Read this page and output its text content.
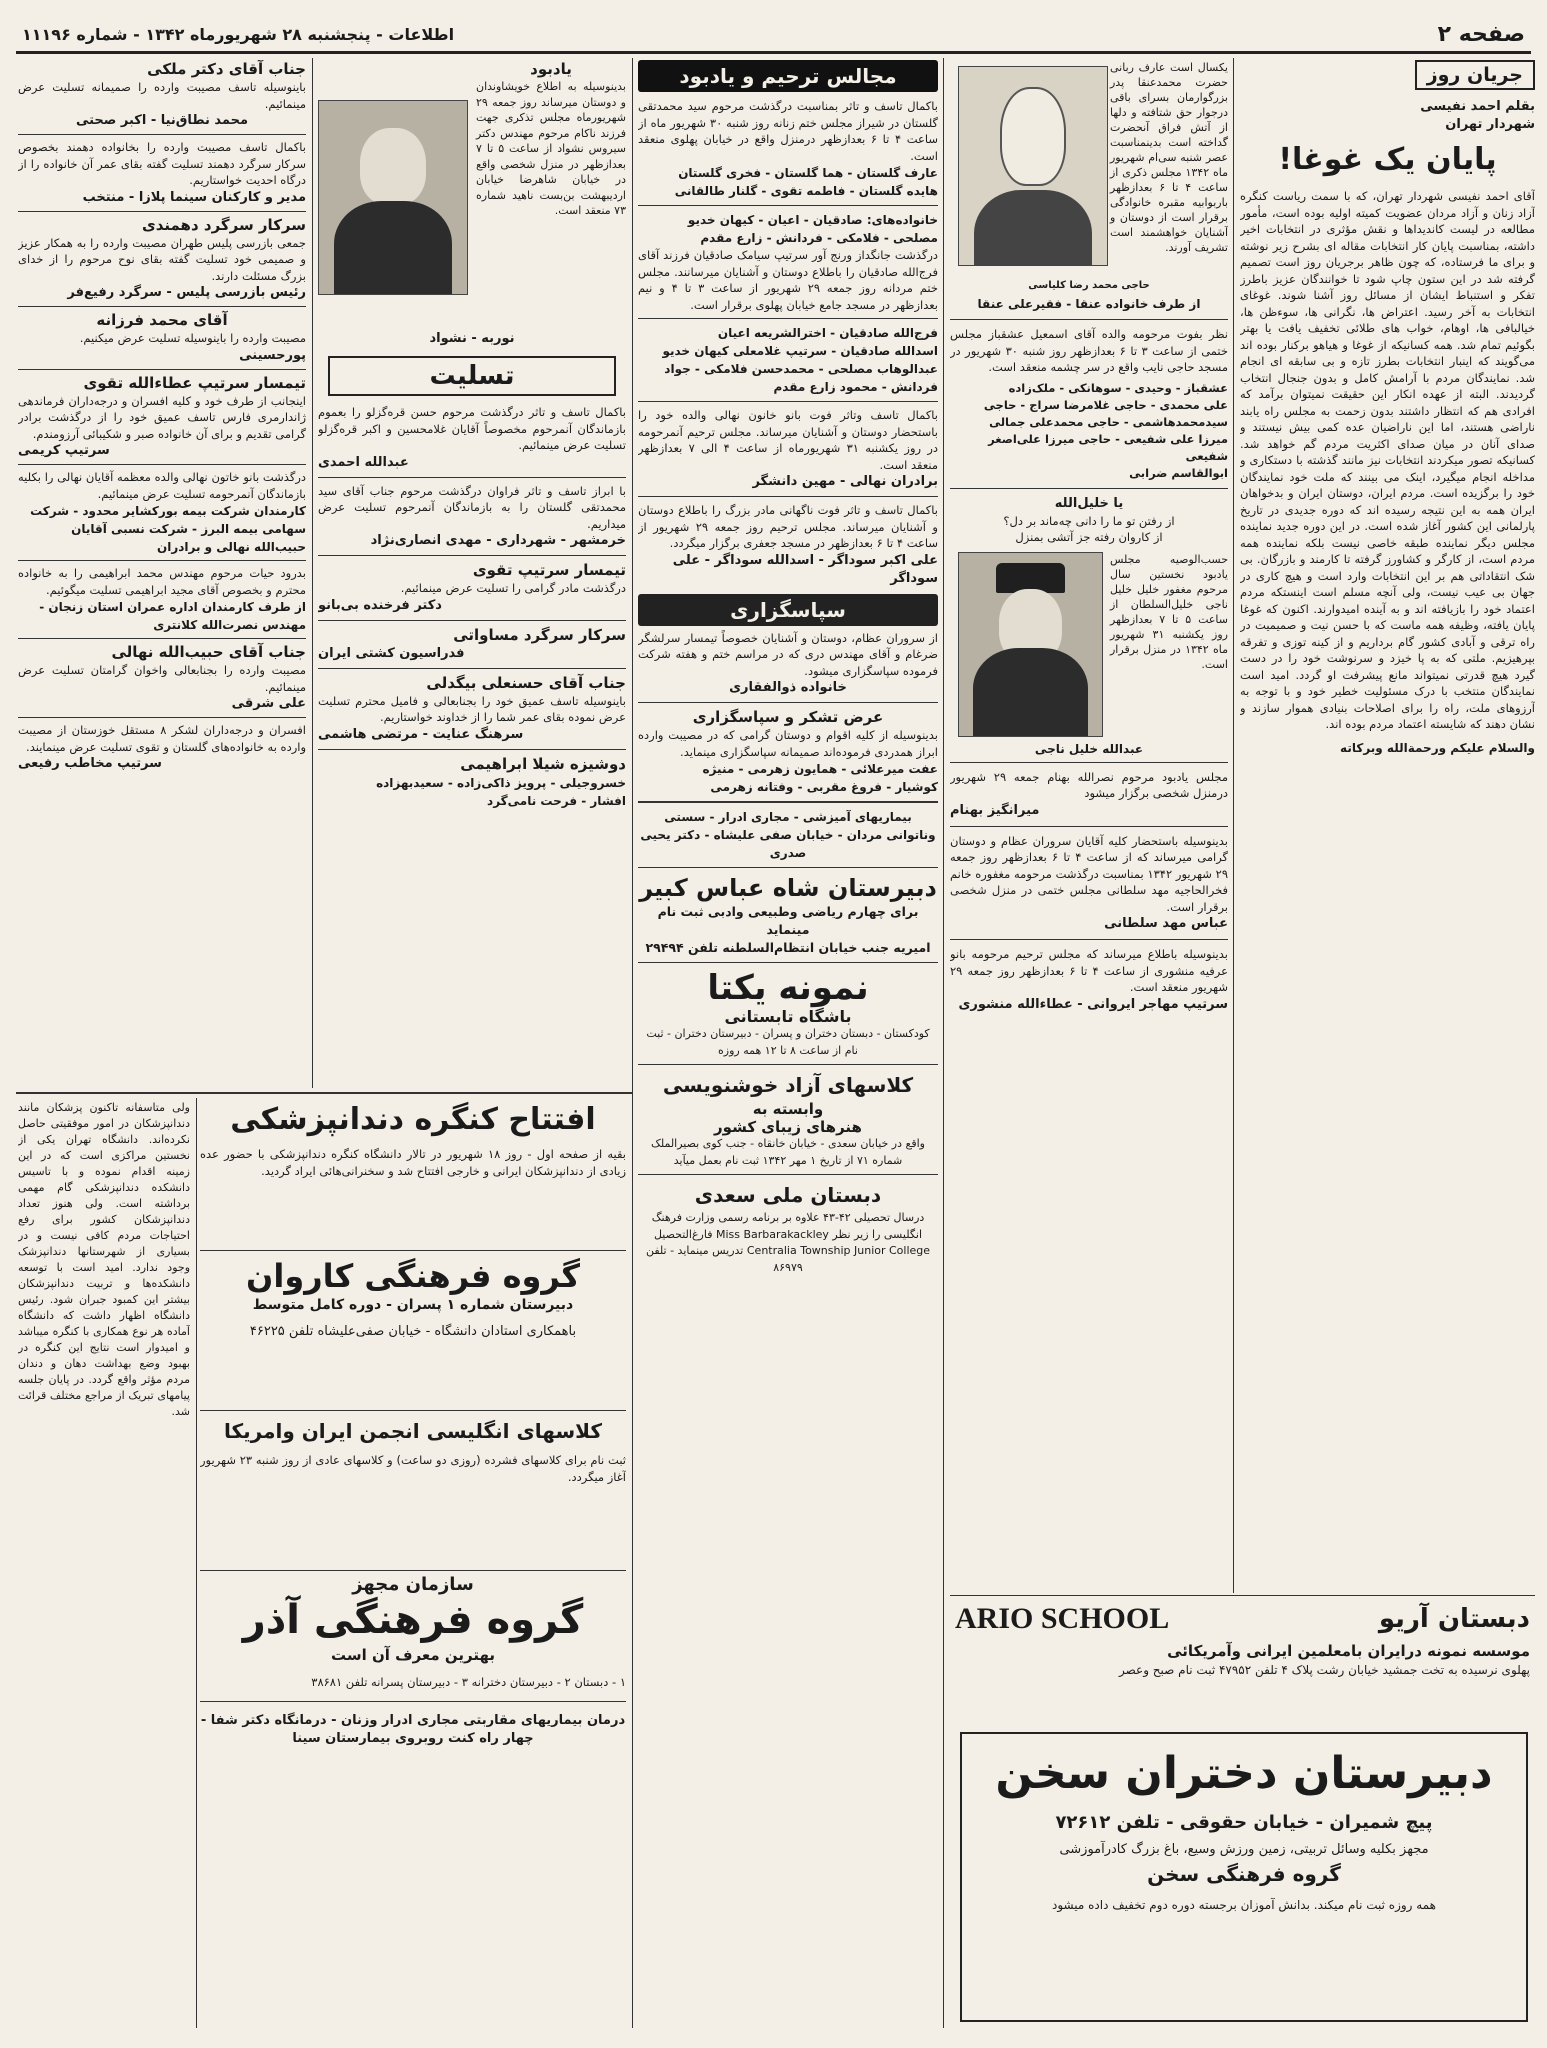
صفحه ۲
اطلاعات - پنجشنبه ۲۸ شهریورماه ۱۳۴۲ - شماره ۱۱۱۹۶
جریان روز
بقلم احمد نفیسی
شهردار تهران
پایان یک غوغا!
آقای احمد نفیسی شهردار تهران، که با سمت ریاست کنگره آزاد زنان و آزاد مردان عضویت کمیته اولیه بوده است، مأمور مطالعه در لیست کاندیداها و نقش مؤثری در انتخابات اخیر داشته، بمناسبت پایان کار انتخابات مقاله ای بشرح زیر نوشته و برای ما فرستاده، که چون ظاهر برجریان روز است تصمیم گرفته شد در این ستون چاپ شود تا خوانندگان عزیز باطرز تفکر و استنباط ایشان از مسائل روز آشنا شوند. غوغای انتخابات به آخر رسید. اعتراض ها، نگرانی ها، سوءظن ها، خیالبافی ها، اوهام، خواب های طلائی تخفیف یافت یا بهتر بگوئیم تمام شد. همه کسانیکه از غوغا و هیاهو برکنار بوده اند می‌گویند که اینبار انتخابات بطرز تازه و بی سابقه ای انجام شد. نمایندگان مردم با آرامش کامل و بدون جنجال انتخاب گردیدند. البته از عهده انکار این حقیقت نمیتوان برآمد که افرادی هم که انتظار داشتند بدون زحمت به مجلس راه یابند ناراضی هستند، اما این ناراضیان عده کمی بیش نیستند و صدای آنان در میان صدای اکثریت مردم گم خواهد شد. کسانیکه تصور میکردند انتخابات نیز مانند گذشته با دستکاری و مداخله انجام میگیرد، اینک می بینند که ملت خود نمایندگان خود را برگزیده است. مردم ایران، دوستان ایران و بدخواهان ایران همه به این نتیجه رسیده اند که دوره جدیدی در تاریخ پارلمانی این کشور آغاز شده است. در این دوره جدید نماینده مجلس دیگر نماینده طبقه خاصی نیست بلکه نماینده همه مردم است، از کارگر و کشاورز گرفته تا کارمند و بازرگان. بی شک انتقاداتی هم بر این انتخابات وارد است و هیچ کاری در جهان بی عیب نیست، ولی آنچه مسلم است اینستکه مردم اعتماد خود را بازیافته اند و به آینده امیدوارند. اکنون که غوغا پایان یافته، وظیفه همه ماست که با حسن نیت و صمیمیت در راه ترقی و آبادی کشور گام برداریم و از کینه توزی و تفرقه بپرهیزیم. ملتی که به پا خیزد و سرنوشت خود را در دست گیرد هیچ قدرتی نمیتواند مانع پیشرفت او گردد. امید است نمایندگان منتخب با درک مسئولیت خطیر خود و با توجه به آرزوهای ملت، راه را برای اصلاحات بنیادی هموار سازند و نشان دهند که شایسته اعتماد مردم بوده اند.
والسلام علیکم ورحمةالله وبرکاته
یکسال است عارف ربانی حضرت محمدعنقا پدر بزرگوارمان بسرای باقی درجوار حق شتافته و دلها از آتش فراق آنحضرت گداخته است بدینمناسبت عصر شنبه سی‌ام شهریور ماه ۱۳۴۲ مجلس ذکری از ساعت ۴ تا ۶ بعدازظهر باربوابیه مقبره خانوادگی برقرار است از دوستان و آشنایان خواهشمند است تشریف آورند.
حاجی محمد رضا کلیاسی
از طرف خانواده عنقا - فقیرعلی عنقا
نظر بفوت مرحومه والده آقای اسمعیل عشقباز مجلس ختمی از ساعت ۳ تا ۶ بعدازظهر روز شنبه ۳۰ شهریور در مسجد حاجی نایب واقع در سر چشمه منعقد است.
عشقباز - وحیدی - سوهانکی - ملک‌زاده
علی محمدی - حاجی غلامرضا سراج - حاجی سیدمحمدهاشمی - حاجی محمدعلی جمالی
میرزا علی شفیعی - حاجی میرزا علی‌اصغر شفیعی
ابوالقاسم ضرابی
یا خلیل‌الله
از رفتن تو ما را دانی چه‌ماند بر دل؟
از کاروان رفته جز آتشی بمنزل
حسب‌الوصیه مجلس یادبود نخستین سال مرحوم مغفور خلیل خلیل ناجی خلیل‌السلطان از ساعت ۵ تا ۷ بعدازظهر روز یکشنبه ۳۱ شهریور ماه ۱۳۴۲ در منزل برقرار است.
عبدالله خلیل ناجی
مجلس یادبود مرحوم نصرالله بهنام جمعه ۲۹ شهریور درمنزل شخصی برگزار میشود
میرانگیز بهنام
بدینوسیله باستحضار کلیه آقایان سروران عظام و دوستان گرامی میرساند که از ساعت ۴ تا ۶ بعدازظهر روز جمعه ۲۹ شهریور ۱۳۴۲ بمناسبت درگذشت مرحومه مغفوره خانم فخرالحاجیه مهد سلطانی مجلس ختمی در منزل شخصی برقرار است.
عباس مهد سلطانی
بدینوسیله باطلاع میرساند که مجلس ترحیم مرحومه بانو عرفیه منشوری از ساعت ۴ تا ۶ بعدازظهر روز جمعه ۲۹ شهریور منعقد است.
سرتیپ مهاجر ایروانی - عطاءالله منشوری
دبستان آریو
ARIO SCHOOL
موسسه نمونه درایران بامعلمین ایرانی وآمریکائی
پهلوی نرسیده به تخت جمشید خیابان رشت پلاک ۴ تلفن ۴۷۹۵۲ ثبت نام صبح وعصر
دبیرستان دختران سخن
پیچ شمیران - خیابان حقوقی - تلفن ۷۲۶۱۲
مجهز بکلیه وسائل تربیتی، زمین ورزش وسیع، باغ بزرگ کادرآموزشی
گروه فرهنگی سخن
همه روزه ثبت نام میکند. بدانش آموزان برجسته دوره دوم تخفیف داده میشود
مجالس ترحیم و یادبود
باکمال تاسف و تاثر بمناسبت درگذشت مرحوم سید محمدتقی گلستان در شیراز مجلس ختم زنانه روز شنبه ۳۰ شهریور ماه از ساعت ۴ تا ۶ بعدازظهر درمنزل واقع در خیابان پهلوی منعقد است.
عارف گلستان - هما گلستان - فخری گلستان
هایده گلستان - فاطمه تقوی - گلنار طالقانی
خانواده‌های: صادقیان - اعیان - کیهان خدیو
مصلحی - فلامکی - فردانش - زارع مقدم
درگذشت جانگداز ورنج آور سرتیپ سیامک صادقیان فرزند آقای فرج‌الله صادقیان را باطلاع دوستان و آشنایان میرسانند. مجلس ختم مردانه روز جمعه ۲۹ شهریور از ساعت ۳ تا ۴ و نیم بعدازظهر در مسجد جامع خیابان پهلوی برقرار است.
فرج‌الله صادقیان - اخترالشریعه اعیان
اسدالله صادقیان - سرتیپ غلامعلی کیهان خدیو
عبدالوهاب مصلحی - محمدحسن فلامکی - جواد فردانش - محمود زارع مقدم
باکمال تاسف وتاثر فوت بانو خانون نهالی والده خود را باستحضار دوستان و آشنایان میرساند. مجلس ترحیم آنمرحومه در روز یکشنبه ۳۱ شهریورماه از ساعت ۴ الی ۷ بعدازظهر منعقد است.
برادران نهالی - مهین دانشگر
باکمال تاسف و تاثر فوت ناگهانی مادر بزرگ را باطلاع دوستان و آشنایان میرساند. مجلس ترحیم روز جمعه ۲۹ شهریور از ساعت ۴ تا ۶ بعدازظهر در مسجد جعفری برگزار میگردد.
علی اکبر سوداگر - اسدالله سوداگر - علی سوداگر
سپاسگزاری
از سروران عظام، دوستان و آشنایان خصوصاً تیمسار سرلشگر ضرغام و آقای مهندس دری که در مراسم ختم و هفته شرکت فرموده سپاسگزاری میشود.
خانواده ذوالفقاری
عرض تشکر و سپاسگزاری
بدینوسیله از کلیه اقوام و دوستان گرامی که در مصیبت وارده ابراز همدردی فرموده‌اند صمیمانه سپاسگزاری مینماید.
عفت میرعلائی - همایون زهرمی - منیژه
کوشیار - فروغ مقربی - وفتانه زهرمی
بیماریهای آمیزشی - مجاری ادرار - سستی وناتوانی مردان - خیابان صفی علیشاه - دکتر یحیی صدری
دبیرستان شاه عباس کبیر
برای چهارم ریاضی وطبیعی وادبی ثبت نام مینماید
امیریه جنب خیابان انتظام‌السلطنه تلفن ۲۹۴۹۴
نمونه یکتا
باشگاه تابستانی
کودکستان - دبستان دختران و پسران - دبیرستان دختران - ثبت نام از ساعت ۸ تا ۱۲ همه روزه
کلاسهای آزاد خوشنویسی
وابسته به
هنرهای زیبای کشور
واقع در خیابان سعدی - خیابان خانقاه - جنب کوی بصیرالملک شماره ۷۱ از تاریخ ۱ مهر ۱۳۴۲ ثبت نام بعمل میآید
دبستان ملی سعدی
درسال تحصیلی ۴۲-۴۳ علاوه بر برنامه رسمی وزارت فرهنگ انگلیسی را زیر نظر Miss Barbarakackley فارغ‌التحصیل Centralia Township Junior College تدریس مینماید - تلفن ۸۶۹۷۹
یادبود
بدینوسیله به اطلاع خویشاوندان و دوستان میرساند روز جمعه ۲۹ شهریورماه مجلس تذکری جهت فرزند ناکام مرحوم مهندس دکتر سیروس نشواد از ساعت ۵ تا ۷ بعدازظهر در منزل شخصی واقع در خیابان شاهرضا خیابان اردیبهشت بن‌بست ناهید شماره ۷۳ منعقد است.
نوربه - نشواد
تسلیت
باکمال تاسف و تاثر درگذشت مرحوم حسن قره‌گزلو را بعموم بازماندگان آنمرحوم مخصوصاً آقایان غلامحسین و اکبر قره‌گزلو تسلیت عرض مینمائیم.
عبدالله احمدی
با ابراز تاسف و تاثر فراوان درگذشت مرحوم جناب آقای سید محمدتقی گلستان را به بازماندگان آنمرحوم تسلیت عرض میداریم.
خرمشهر - شهرداری - مهدی انصاری‌نژاد
تیمسار سرتیپ تقوی
درگذشت مادر گرامی را تسلیت عرض مینمائیم.
دکتر فرخنده بی‌بانو
سرکار سرگرد مساواتی
فدراسیون کشتی ایران
جناب آقای حسنعلی بیگدلی
باینوسیله تاسف عمیق خود را بجنابعالی و فامیل محترم تسلیت عرض نموده بقای عمر شما را از خداوند خواستاریم.
سرهنگ عنایت - مرتضی هاشمی
دوشیزه شیلا ابراهیمی
خسروجیلی - پرویز ذاکی‌زاده - سعیدبهزاده
افشار - فرحت نامی‌گرد
افتتاح کنگره دندانپزشکی
بقیه از صفحه اول - روز ۱۸ شهریور در تالار دانشگاه کنگره دندانپزشکی با حضور عده زیادی از دندانپزشکان ایرانی و خارجی افتتاح شد و سخنرانی‌هائی ایراد گردید.
گروه فرهنگی کاروان
دبیرستان شماره ۱ پسران - دوره کامل متوسط
باهمکاری استادان دانشگاه - خیابان صفی‌علیشاه تلفن ۴۶۲۲۵
کلاسهای انگلیسی انجمن ایران وامریکا
ثبت نام برای کلاسهای فشرده (روزی دو ساعت) و کلاسهای عادی از روز شنبه ۲۳ شهریور آغاز میگردد.
سازمان مجهز
گروه فرهنگی آذر
بهترین معرف آن است
۱ - دبستان ۲ - دبیرستان دخترانه ۳ - دبیرستان پسرانه تلفن ۳۸۶۸۱
درمان بیماریهای مقاربتی مجاری ادرار وزنان - درمانگاه دکتر شفا - چهار راه کنت روبروی بیمارستان سینا
جناب آقای دکتر ملکی
باینوسیله تاسف مصیبت وارده را صمیمانه تسلیت عرض مینمائیم.
محمد نطاق‌نیا - اکبر صحتی
باکمال تاسف مصیبت وارده را بخانواده دهمند بخصوص سرکار سرگرد دهمند تسلیت گفته بقای عمر آن خانواده را از درگاه احدیت خواستاریم.
مدیر و کارکنان سینما پلازا - منتخب
سرکار سرگرد دهمندی
جمعی بازرسی پلیس طهران مصیبت وارده را به همکار عزیز و صمیمی خود تسلیت گفته بقای نوح مرحوم را از خدای بزرگ مسئلت دارند.
رئیس بازرسی پلیس - سرگرد رفیع‌فر
آقای محمد فرزانه
مصیبت وارده را باینوسیله تسلیت عرض میکنیم.
پورحسینی
تیمسار سرتیپ عطاءالله تقوی
اینجانب از طرف خود و کلیه افسران و درجه‌داران فرماندهی ژاندارمری فارس تاسف عمیق خود را از درگذشت برادر گرامی تقدیم و برای آن خانواده صبر و شکیبائی آرزومندم.
سرتیپ کریمی
درگذشت بانو خاتون نهالی والده معظمه آقایان نهالی را بکلیه بازماندگان آنمرحومه تسلیت عرض مینمائیم.
کارمندان شرکت بیمه بورکشایر محدود - شرکت سهامی بیمه البرز - شرکت نسبی آقایان حبیب‌الله نهالی و برادران
بدرود حیات مرحوم مهندس محمد ابراهیمی را به خانواده محترم و بخصوص آقای مجید ابراهیمی تسلیت میگوئیم.
از طرف کارمندان اداره عمران استان زنجان - مهندس نصرت‌الله کلانتری
جناب آقای حبیب‌الله نهالی
مصیبت وارده را بجنابعالی واخوان گرامتان تسلیت عرض مینمائیم.
علی شرقی
افسران و درجه‌داران لشکر ۸ مستقل خوزستان از مصیبت وارده به خانواده‌های گلستان و تقوی تسلیت عرض مینمایند.
سرتیپ مخاطب رفیعی
ولی متاسفانه تاکنون پزشکان مانند دندانپزشکان در امور موفقیتی حاصل نکرده‌اند. دانشگاه تهران یکی از نخستین مراکزی است که در این زمینه اقدام نموده و با تاسیس دانشکده دندانپزشکی گام مهمی برداشته است. ولی هنوز تعداد دندانپزشکان کشور برای رفع احتیاجات مردم کافی نیست و در بسیاری از شهرستانها دندانپزشک وجود ندارد. امید است با توسعه دانشکده‌ها و تربیت دندانپزشکان بیشتر این کمبود جبران شود. رئیس دانشگاه اظهار داشت که دانشگاه آماده هر نوع همکاری با کنگره میباشد و امیدوار است نتایج این کنگره در بهبود وضع بهداشت دهان و دندان مردم مؤثر واقع گردد. در پایان جلسه پیامهای تبریک از مراجع مختلف قرائت شد.
